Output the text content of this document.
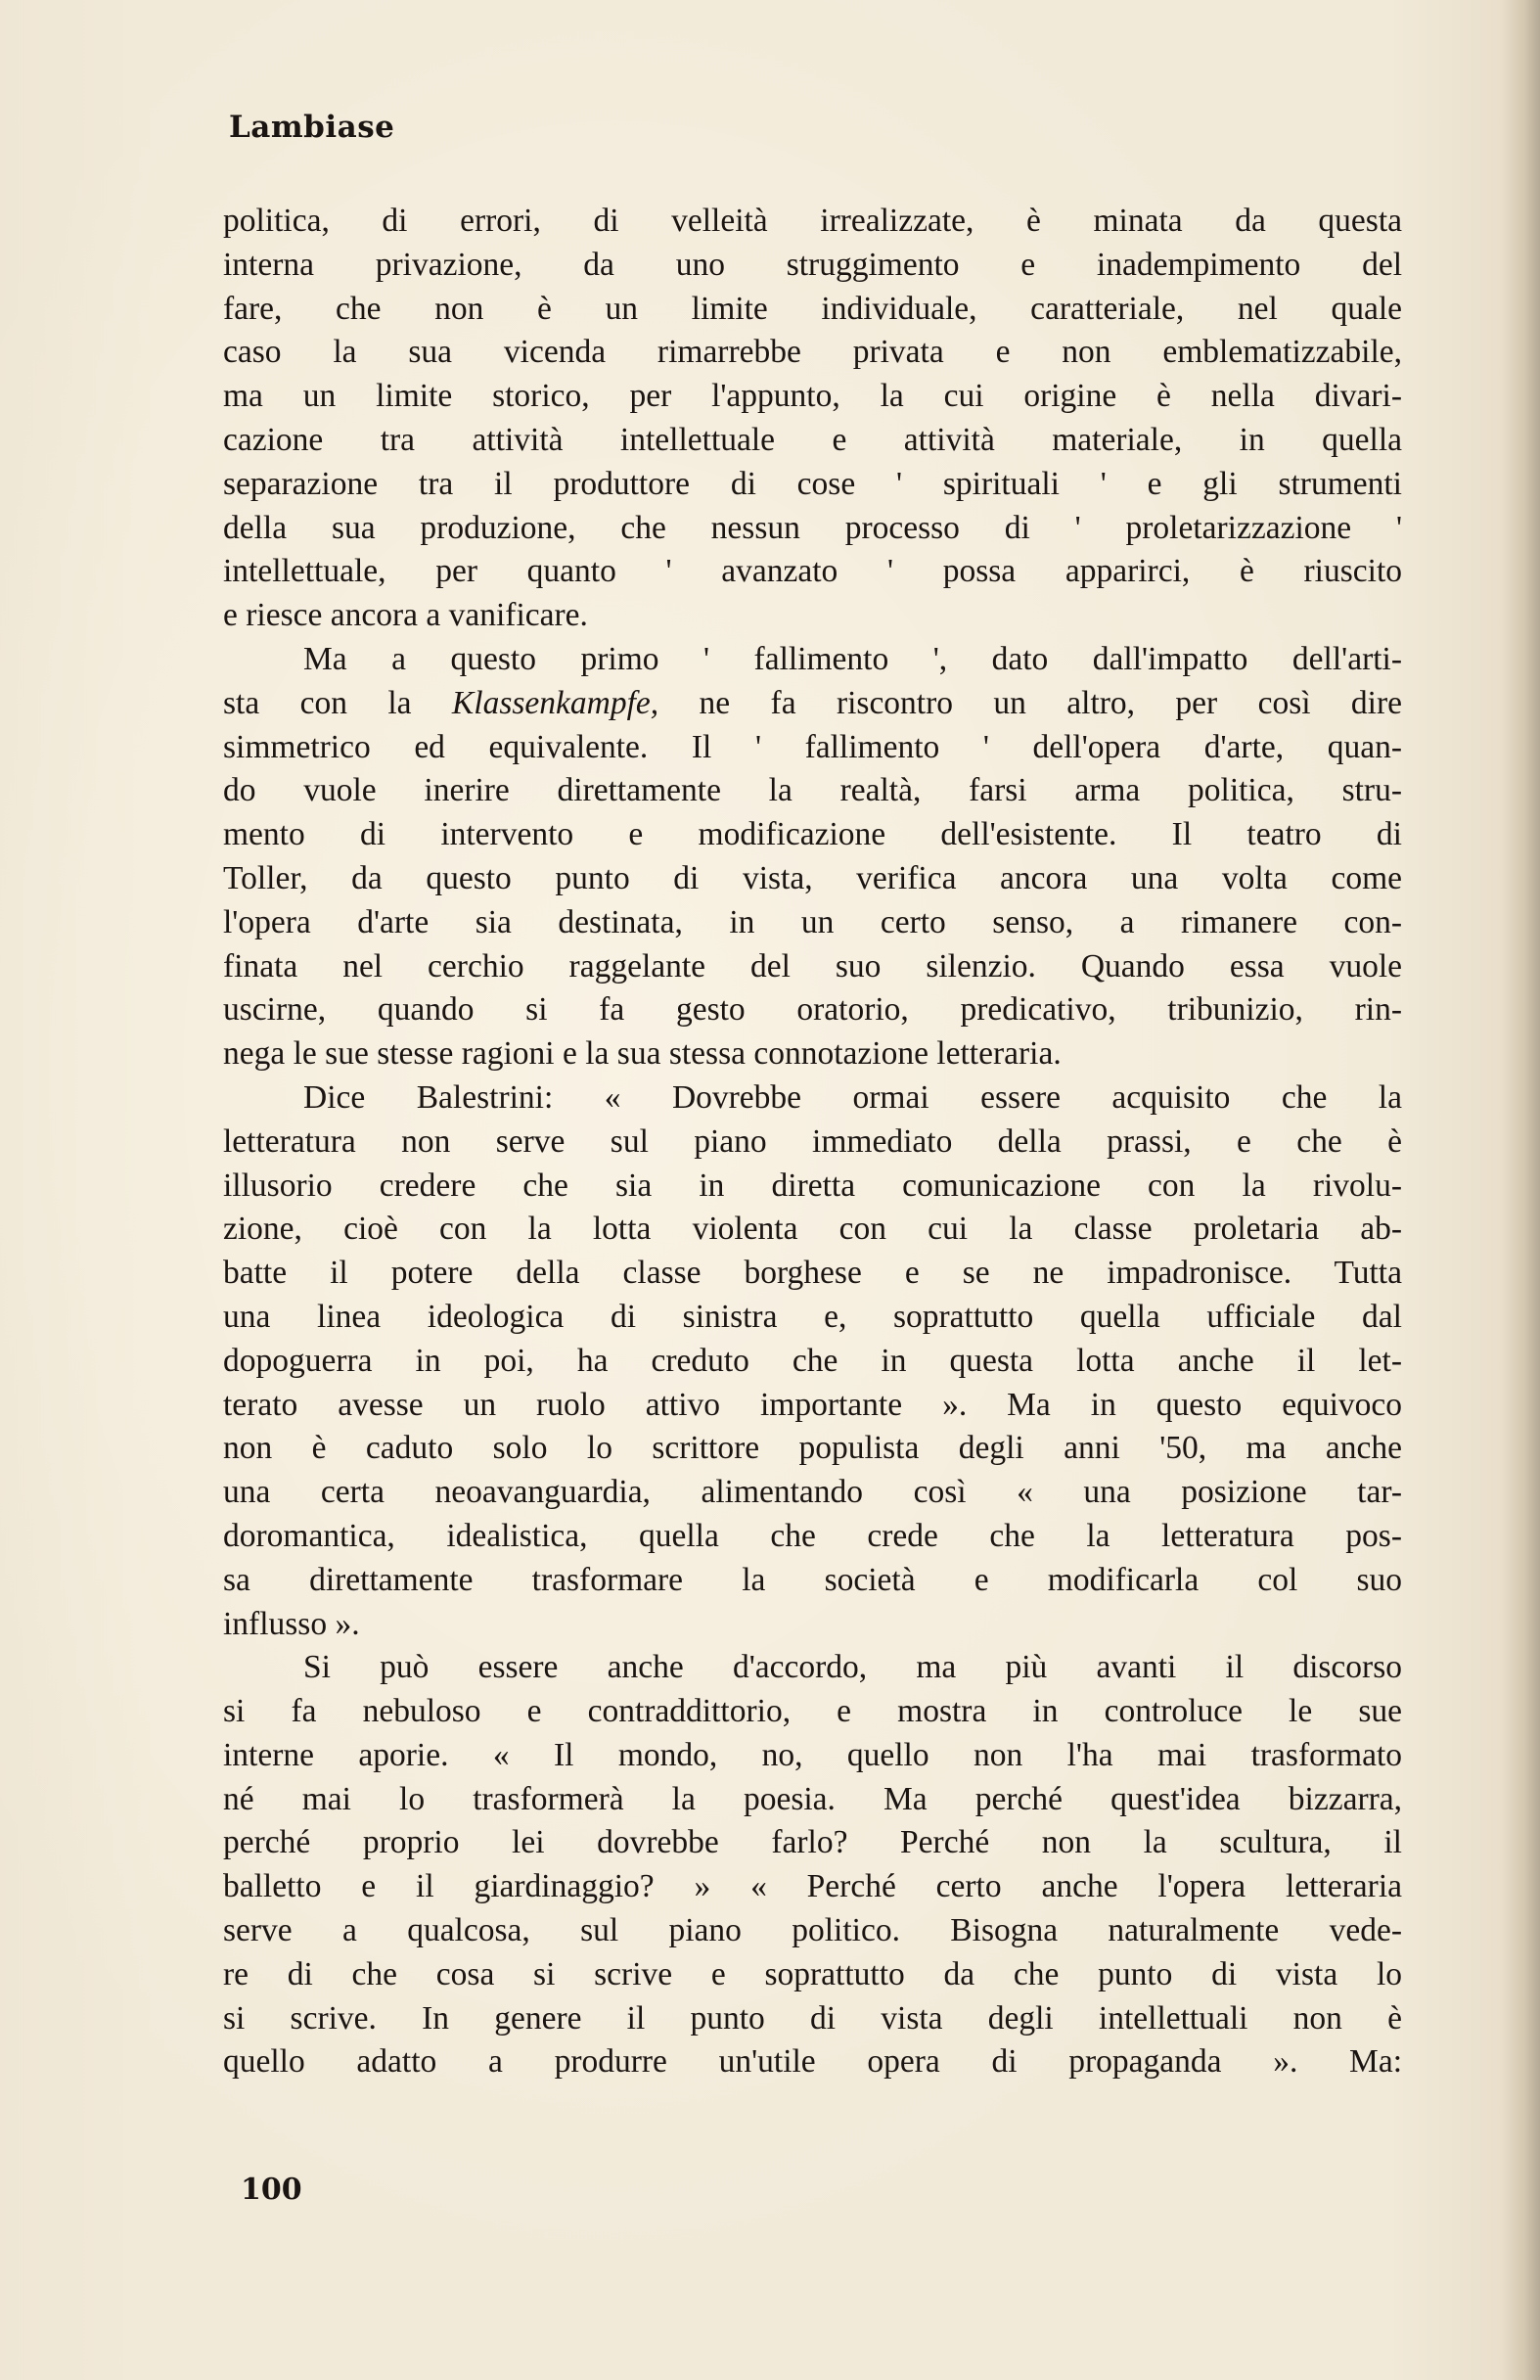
Lambiase

politica, di errori, di velleità irrealizzate, è minata da questa
interna privazione, da uno struggimento e inadempimento del
fare, che non è un limite individuale, caratteriale, nel quale
caso la sua vicenda rimarrebbe privata e non emblematizzabile,
ma un limite storico, per l'appunto, la cui origine è nella divari-
cazione tra attività intellettuale e attività materiale, in quella
separazione tra il produttore di cose ' spirituali ' e gli strumenti
della sua produzione, che nessun processo di ' proletarizzazione '
intellettuale, per quanto ' avanzato ' possa apparirci, è riuscito
e riesce ancora a vanificare.
Ma a questo primo ' fallimento ', dato dall'impatto dell'arti-
sta con la Klassenkampfe, ne fa riscontro un altro, per così dire
simmetrico ed equivalente. Il ' fallimento ' dell'opera d'arte, quan-
do vuole inerire direttamente la realtà, farsi arma politica, stru-
mento di intervento e modificazione dell'esistente. Il teatro di
Toller, da questo punto di vista, verifica ancora una volta come
l'opera d'arte sia destinata, in un certo senso, a rimanere con-
finata nel cerchio raggelante del suo silenzio. Quando essa vuole
uscirne, quando si fa gesto oratorio, predicativo, tribunizio, rin-
nega le sue stesse ragioni e la sua stessa connotazione letteraria.
Dice Balestrini: « Dovrebbe ormai essere acquisito che la
letteratura non serve sul piano immediato della prassi, e che è
illusorio credere che sia in diretta comunicazione con la rivolu-
zione, cioè con la lotta violenta con cui la classe proletaria ab-
batte il potere della classe borghese e se ne impadronisce. Tutta
una linea ideologica di sinistra e, soprattutto quella ufficiale dal
dopoguerra in poi, ha creduto che in questa lotta anche il let-
terato avesse un ruolo attivo importante ». Ma in questo equivoco
non è caduto solo lo scrittore populista degli anni '50, ma anche
una certa neoavanguardia, alimentando così « una posizione tar-
doromantica, idealistica, quella che crede che la letteratura pos-
sa direttamente trasformare la società e modificarla col suo
influsso ».
Si può essere anche d'accordo, ma più avanti il discorso
si fa nebuloso e contraddittorio, e mostra in controluce le sue
interne aporie. « Il mondo, no, quello non l'ha mai trasformato
né mai lo trasformerà la poesia. Ma perché quest'idea bizzarra,
perché proprio lei dovrebbe farlo? Perché non la scultura, il
balletto e il giardinaggio? » « Perché certo anche l'opera letteraria
serve a qualcosa, sul piano politico. Bisogna naturalmente vede-
re di che cosa si scrive e soprattutto da che punto di vista lo
si scrive. In genere il punto di vista degli intellettuali non è
quello adatto a produrre un'utile opera di propaganda ». Ma:

100
